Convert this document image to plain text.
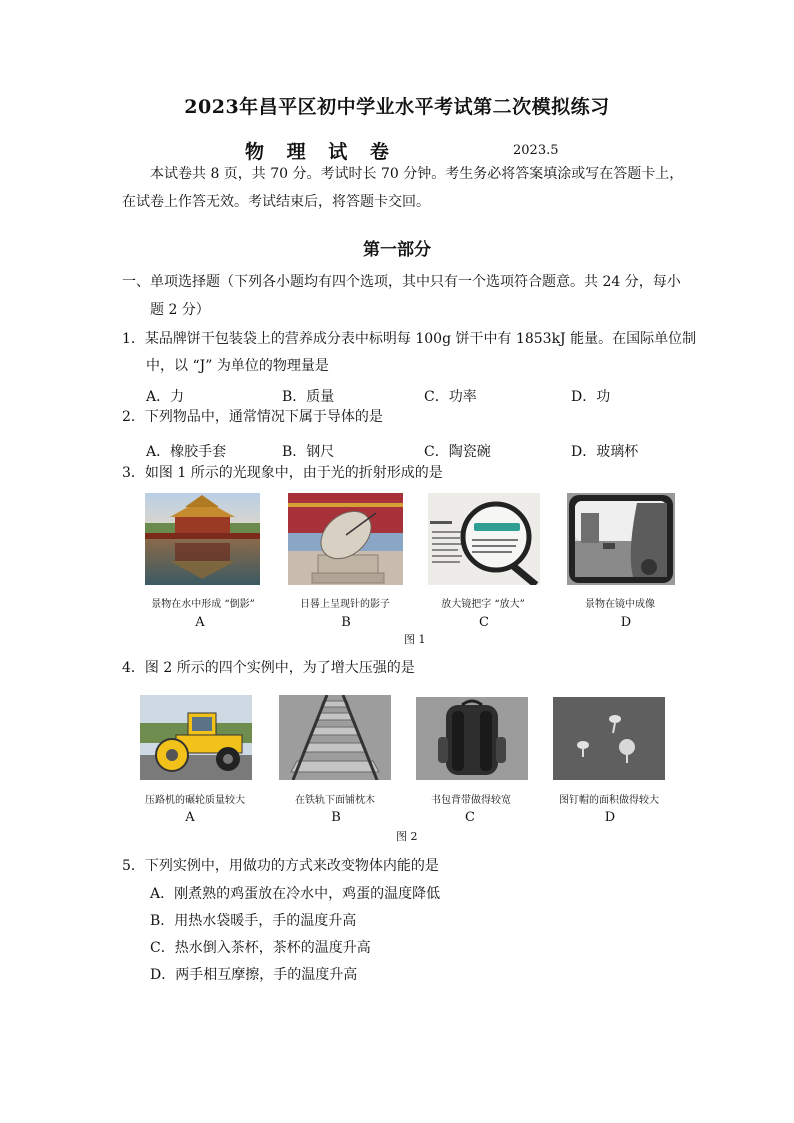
2023年昌平区初中学业水平考试第二次模拟练习
物 理 试 卷	2023.5
本试卷共 8 页，共 70 分。考试时长 70 分钟。考生务必将答案填涂或写在答题卡上，
在试卷上作答无效。考试结束后，将答题卡交回。
第一部分
一、单项选择题（下列各小题均有四个选项，其中只有一个选项符合题意。共 24 分，每小
题 2 分）
1．某品牌饼干包装袋上的营养成分表中标明每 100g 饼干中有 1853kJ 能量。在国际单位制
中，以 “J” 为单位的物理量是
A．力	B．质量	C．功率	D．功
2．下列物品中，通常情况下属于导体的是
A．橡胶手套	B．钢尺	C．陶瓷碗	D．玻璃杯
3．如图 1 所示的光现象中，由于光的折射形成的是
景物在水中形成 “倒影”	日晷上呈现针的影子	放大镜把字 “放大”	景物在镜中成像
A	B	C	D
图 1
4．图 2 所示的四个实例中，为了增大压强的是
压路机的碾轮质量较大	在铁轨下面铺枕木	书包背带做得较宽	图钉帽的面积做得较大
A	B	C	D
图 2
5．下列实例中，用做功的方式来改变物体内能的是
A．刚煮熟的鸡蛋放在冷水中，鸡蛋的温度降低
B．用热水袋暖手，手的温度升高
C．热水倒入茶杯，茶杯的温度升高
D．两手相互摩擦，手的温度升高
